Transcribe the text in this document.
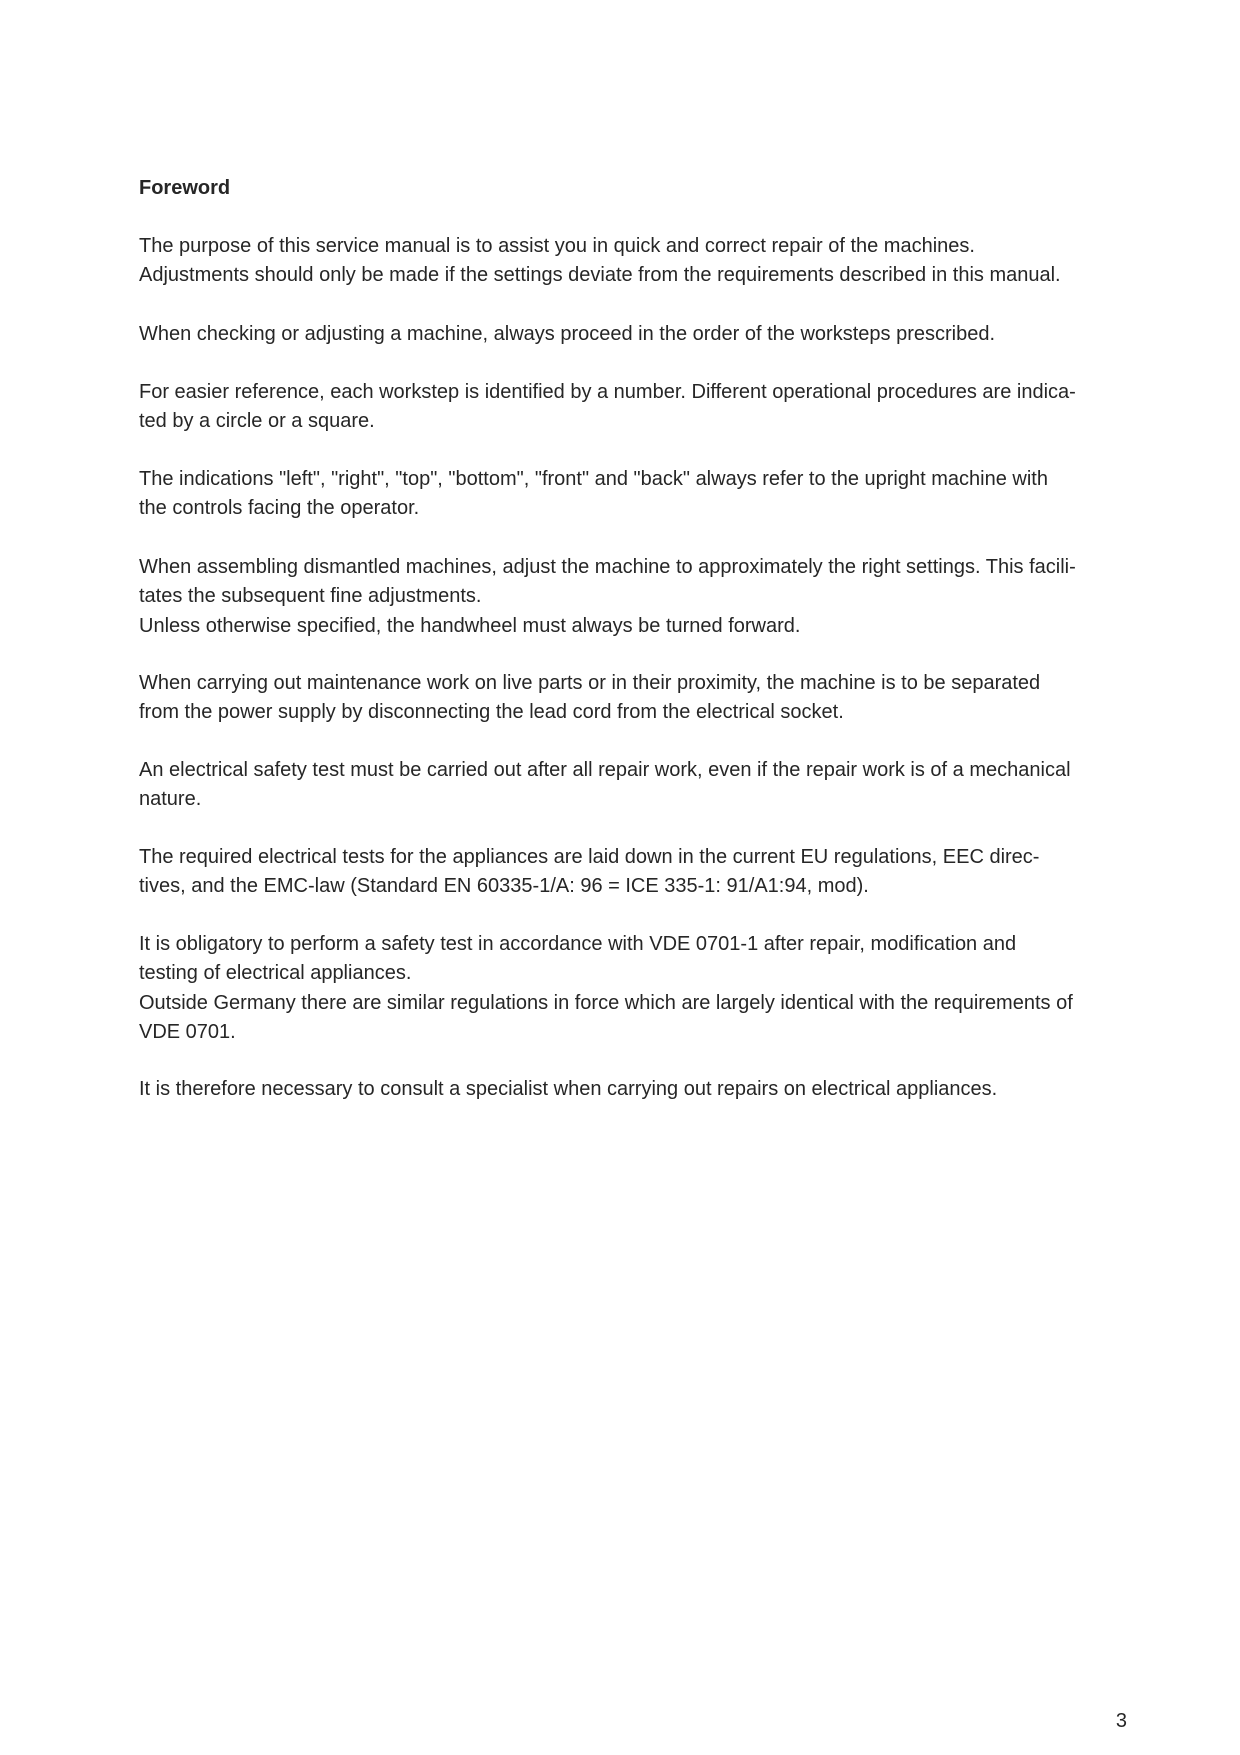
Foreword
The purpose of this service manual is to assist you in quick and correct repair of the machines.
Adjustments should only be made if the settings deviate from the requirements described in this manual.
When checking or adjusting a machine, always proceed in the order of the worksteps prescribed.
For easier reference, each workstep is identified by a number. Different operational procedures are indica-
ted by a circle or a square.
The indications "left", "right", "top", "bottom", "front" and "back" always refer to the upright machine with
the controls facing the operator.
When assembling dismantled machines, adjust the machine to approximately the right settings. This facili-
tates the subsequent fine adjustments.
Unless otherwise specified, the handwheel must always be turned forward.
When carrying out maintenance work on live parts or in their proximity, the machine is to be separated
from the power supply by disconnecting the lead cord from the electrical socket.
An electrical safety test must be carried out after all repair work, even if the repair work is of a mechanical
nature.
The required electrical tests for the appliances are laid down in the current EU regulations, EEC direc-
tives, and the EMC-law (Standard EN 60335-1/A: 96 = ICE 335-1: 91/A1:94, mod).
It is obligatory to perform a safety test in accordance with VDE 0701-1 after repair, modification and
testing of electrical appliances.
Outside Germany there are similar regulations in force which are largely identical with the requirements of
VDE 0701.
It is therefore necessary to consult a specialist when carrying out repairs on electrical appliances.
3
